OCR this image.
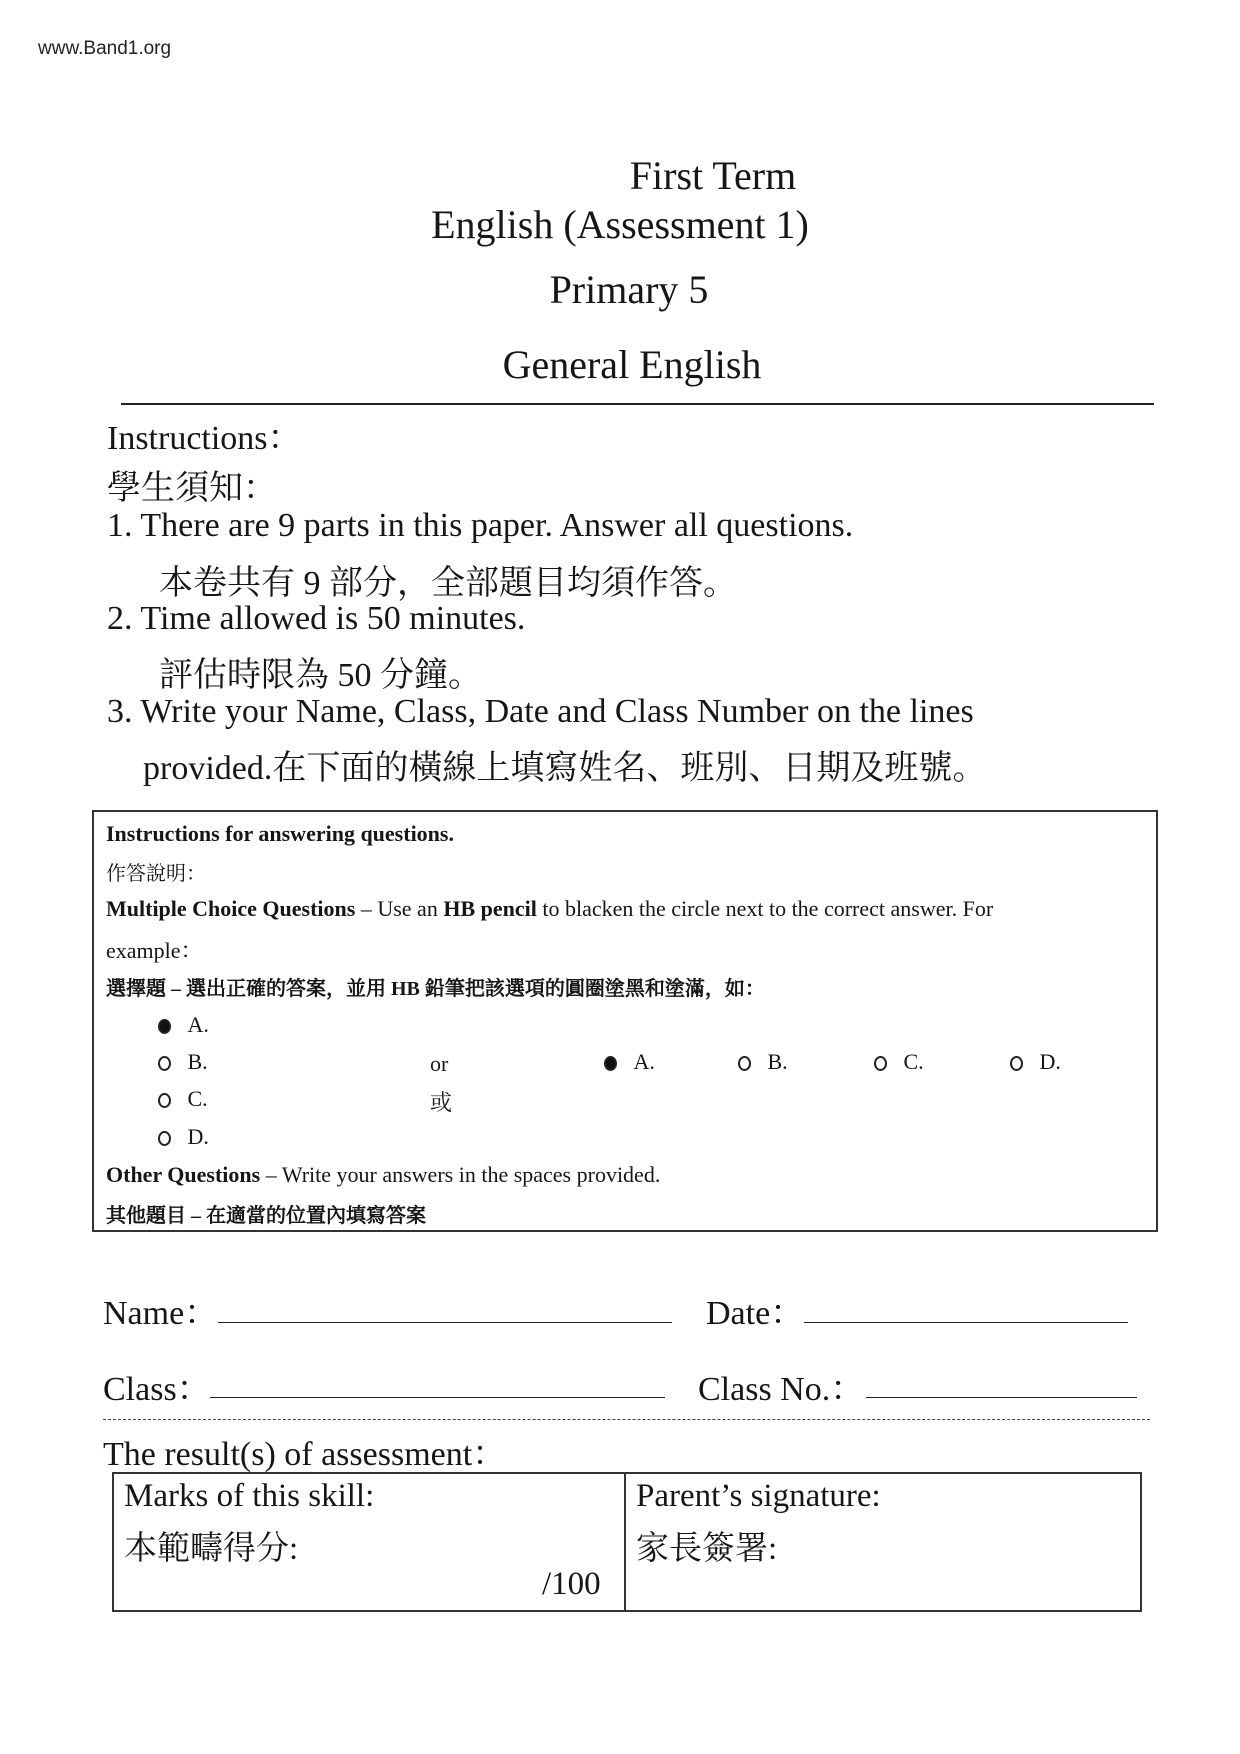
www.Band1.org
First Term
English (Assessment 1)
Primary 5
General English
Instructions：
學生須知：
1. There are 9 parts in this paper. Answer all questions.
本卷共有 9 部分，全部題目均須作答。
2. Time allowed is 50 minutes.
評估時限為 50 分鐘。
3. Write your Name, Class, Date and Class Number on the lines
provided.在下面的橫線上填寫姓名、班別、日期及班號。
Instructions for answering questions.
作答說明：
Multiple Choice Questions – Use an HB pencil to blacken the circle next to the correct answer. For
example：
選擇題 – 選出正確的答案，並用 HB 鉛筆把該選項的圓圈塗黑和塗滿，如：
A.
B.
C.
D.
or
或
A.	B.	C.	D.
Other Questions – Write your answers in the spaces provided.
其他題目 – 在適當的位置內填寫答案
Name：	Date：
Class：	Class No.：
The result(s) of assessment：
Marks of this skill:
本範疇得分:
/100
Parent’s signature:
家長簽署:
